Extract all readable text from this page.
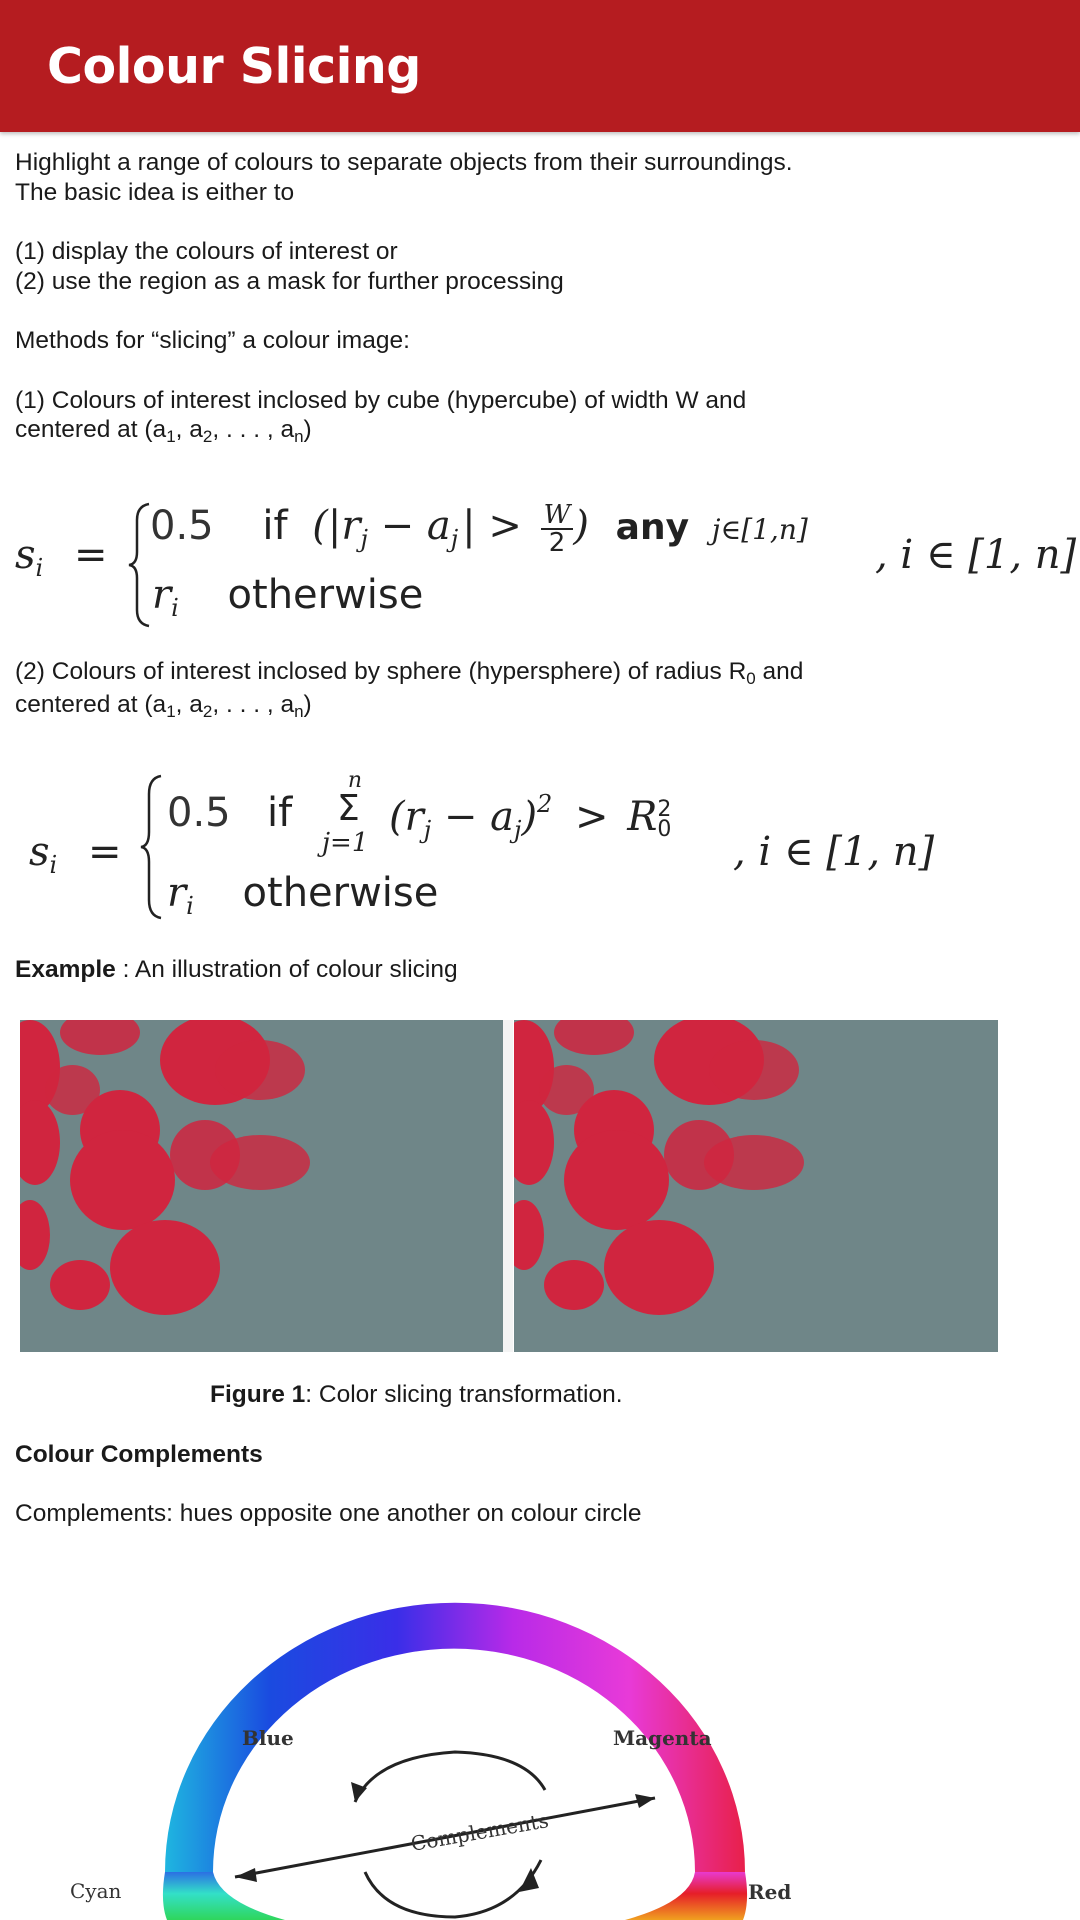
Colour Slicing
Highlight a range of colours to separate objects from their surroundings.
The basic idea is either to
(1) display the colours of interest or
(2) use the region as a mask for further processing
Methods for “slicing” a colour image:
(1) Colours of interest inclosed by cube (hypercube) of width W and
centered at ($a_1$, $a_2$, . . . , $a_n$)
$s_i$ =
0.5 if ($|r_j - a_j$ | > $\frac{W}{2}$ ) any j∈[1,n]
$r_i$ otherwise
, i ∈ [1, n]
(2) Colours of interest inclosed by sphere (hypersphere) of radius $R_0$ and
centered at ($a_1$, $a_2$, . . . , $a_n$)
$s_i$ =
0.5 if
n
Σ
j=1
$(r_j - a_j)^2 > R$ 2
0
$r_i$ otherwise
, i ∈ [1, n]
Example : An illustration of colour slicing
Figure 1: Color slicing transformation.
Colour Complements
Complements: hues opposite one another on colour circle
Blue	Magenta
Complements
Cyan	Red
